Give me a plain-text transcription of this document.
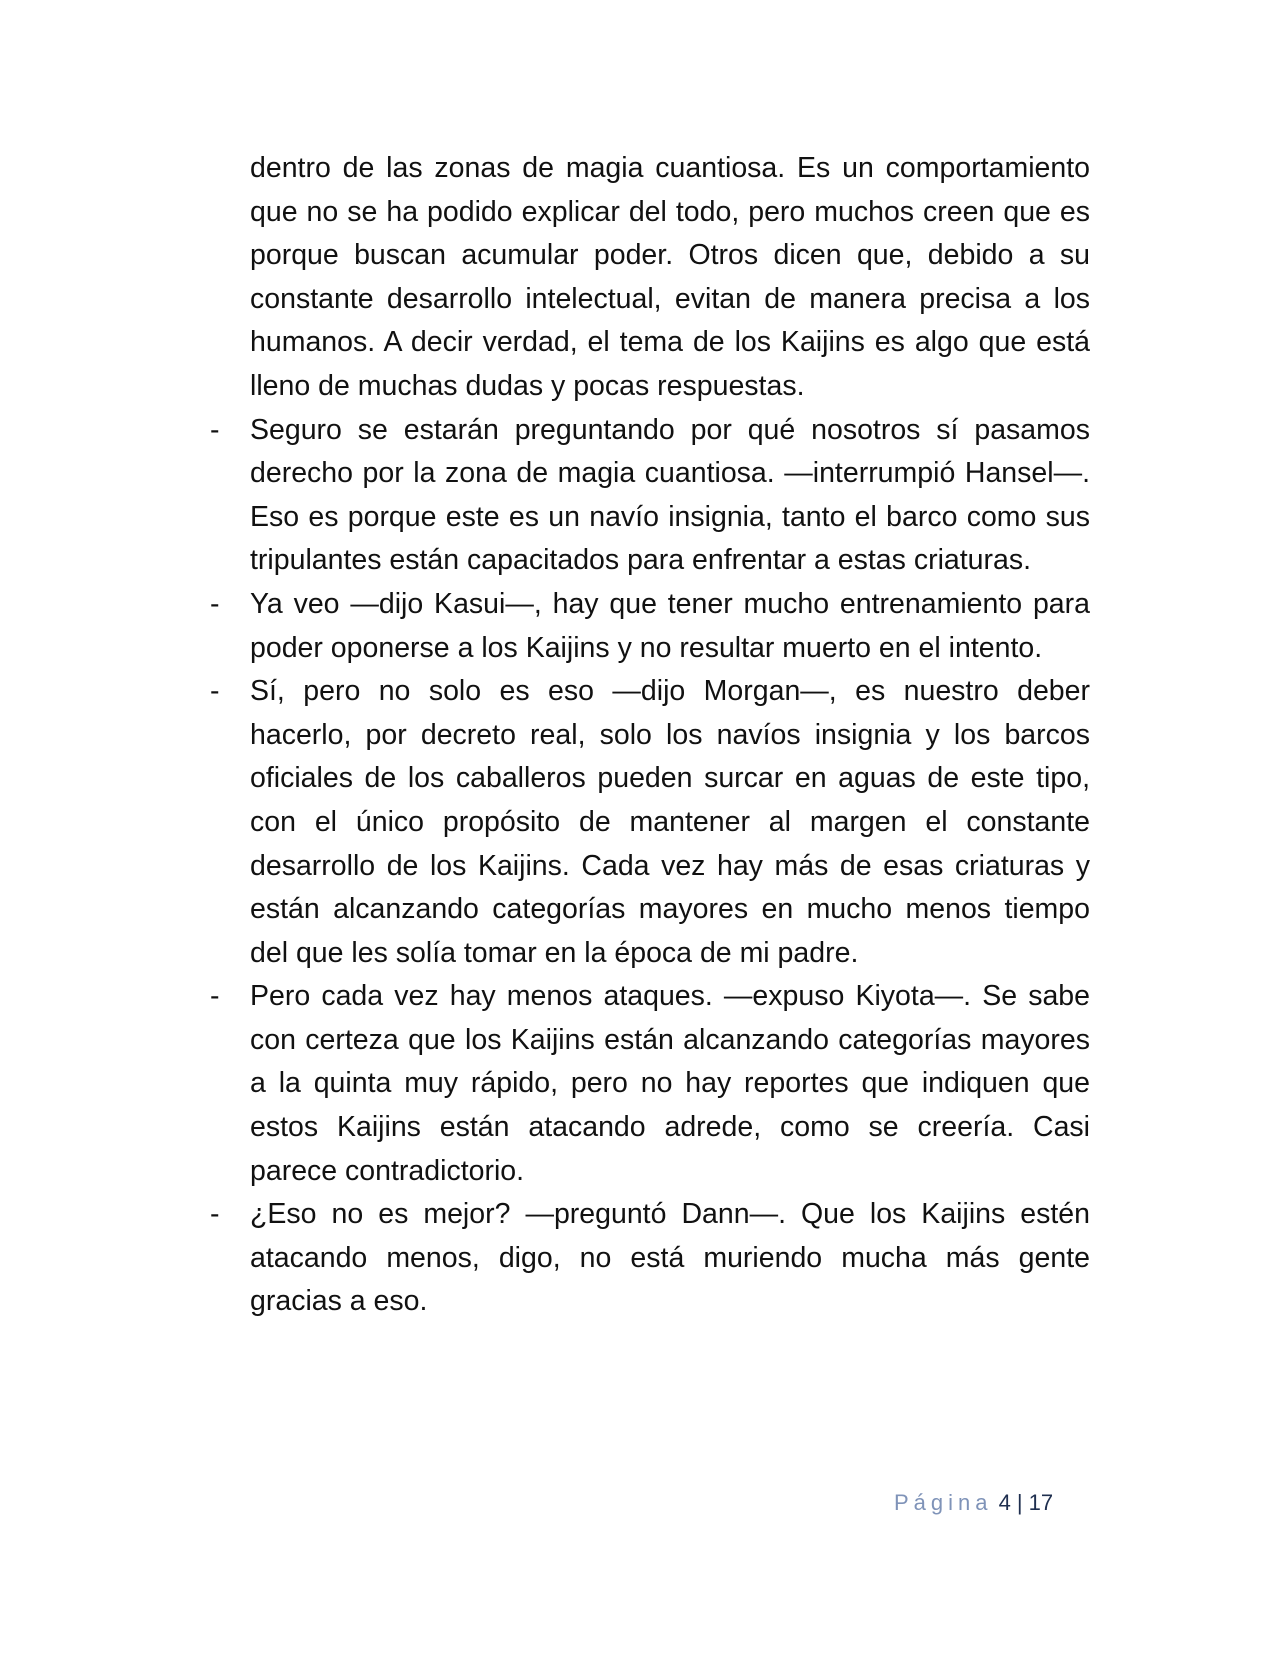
dentro de las zonas de magia cuantiosa. Es un comportamiento que no se ha podido explicar del todo, pero muchos creen que es porque buscan acumular poder. Otros dicen que, debido a su constante desarrollo intelectual, evitan de manera precisa a los humanos. A decir verdad, el tema de los Kaijins es algo que está lleno de muchas dudas y pocas respuestas.

- Seguro se estarán preguntando por qué nosotros sí pasamos derecho por la zona de magia cuantiosa. —interrumpió Hansel—. Eso es porque este es un navío insignia, tanto el barco como sus tripulantes están capacitados para enfrentar a estas criaturas.

- Ya veo —dijo Kasui—, hay que tener mucho entrenamiento para poder oponerse a los Kaijins y no resultar muerto en el intento.

- Sí, pero no solo es eso —dijo Morgan—, es nuestro deber hacerlo, por decreto real, solo los navíos insignia y los barcos oficiales de los caballeros pueden surcar en aguas de este tipo, con el único propósito de mantener al margen el constante desarrollo de los Kaijins. Cada vez hay más de esas criaturas y están alcanzando categorías mayores en mucho menos tiempo del que les solía tomar en la época de mi padre.

- Pero cada vez hay menos ataques. —expuso Kiyota—. Se sabe con certeza que los Kaijins están alcanzando categorías mayores a la quinta muy rápido, pero no hay reportes que indiquen que estos Kaijins están atacando adrede, como se creería. Casi parece contradictorio.

- ¿Eso no es mejor? —preguntó Dann—. Que los Kaijins estén atacando menos, digo, no está muriendo mucha más gente gracias a eso.

Página 4 | 17
